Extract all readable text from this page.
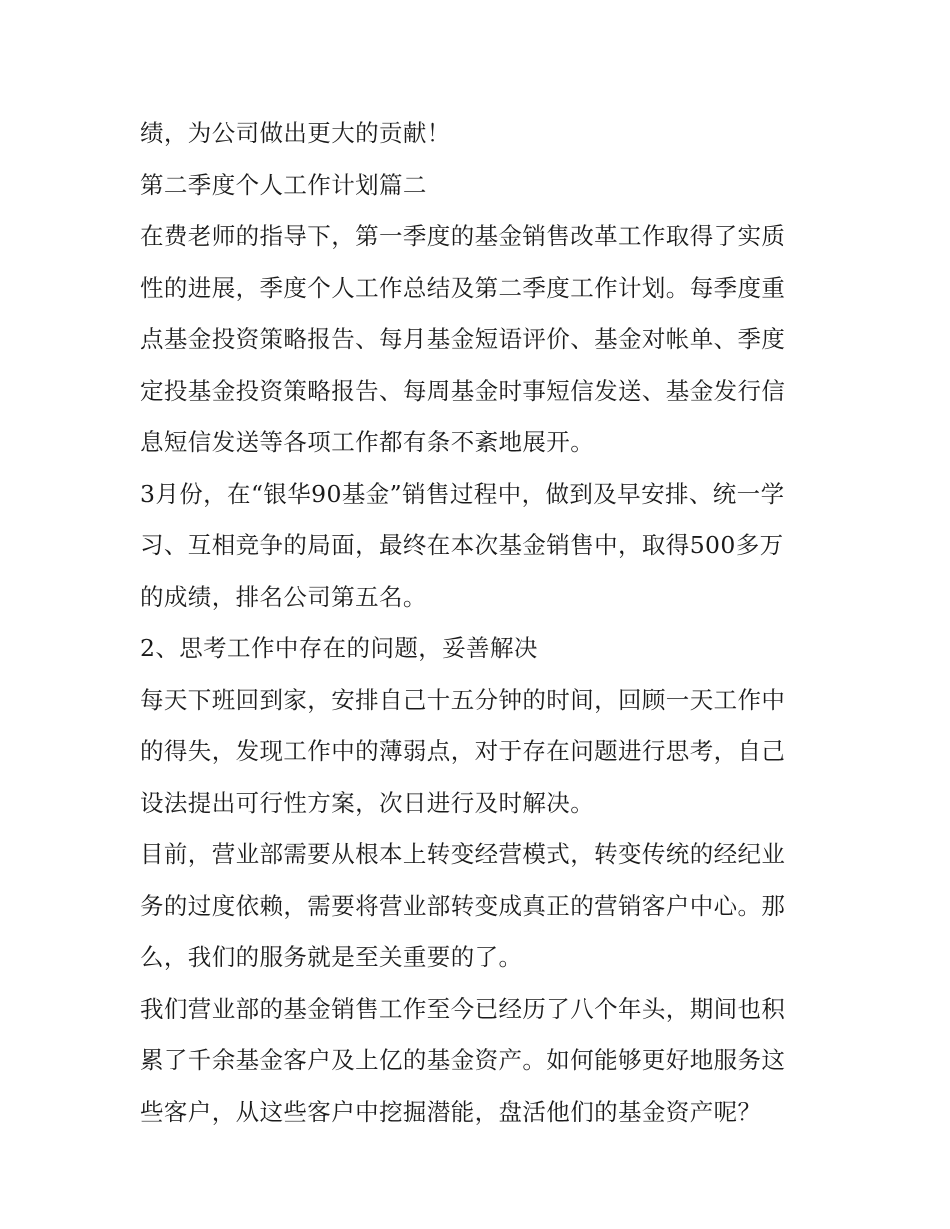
绩，为公司做出更大的贡献！
第二季度个人工作计划篇二
在费老师的指导下，第一季度的基金销售改革工作取得了实质
性的进展，季度个人工作总结及第二季度工作计划。每季度重
点基金投资策略报告、每月基金短语评价、基金对帐单、季度
定投基金投资策略报告、每周基金时事短信发送、基金发行信
息短信发送等各项工作都有条不紊地展开。
3月份，在“银华90基金”销售过程中，做到及早安排、统一学
习、互相竞争的局面，最终在本次基金销售中，取得500多万
的成绩，排名公司第五名。
2、思考工作中存在的问题，妥善解决
每天下班回到家，安排自己十五分钟的时间，回顾一天工作中
的得失，发现工作中的薄弱点，对于存在问题进行思考，自己
设法提出可行性方案，次日进行及时解决。
目前，营业部需要从根本上转变经营模式，转变传统的经纪业
务的过度依赖，需要将营业部转变成真正的营销客户中心。那
么，我们的服务就是至关重要的了。
我们营业部的基金销售工作至今已经历了八个年头，期间也积
累了千余基金客户及上亿的基金资产。如何能够更好地服务这
些客户，从这些客户中挖掘潜能，盘活他们的基金资产呢？
